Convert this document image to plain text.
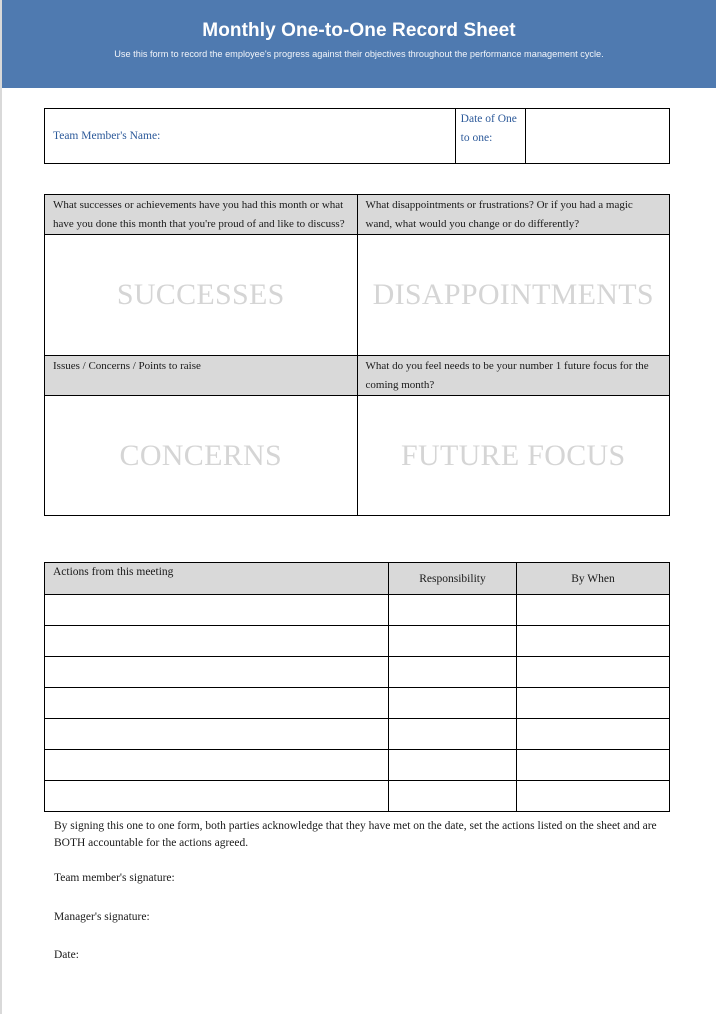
Monthly One-to-One Record Sheet

Use this form to record the employee's progress against their objectives throughout the performance management cycle.

Team Member's Name:	Date of One to one:	
What successes or achievements have you had this month or what have you done this month that you're proud of and like to discuss?	What disappointments or frustrations? Or if you had a magic wand, what would you change or do differently?
SUCCESSES	DISAPPOINTMENTS
Issues / Concerns / Points to raise	What do you feel needs to be your number 1 future focus for the coming month?
CONCERNS	FUTURE FOCUS
Actions from this meeting	Responsibility	By When

By signing this one to one form, both parties acknowledge that they have met on the date, set the actions listed on the sheet and are BOTH accountable for the actions agreed.
Team member's signature:
Manager's signature:
Date:
